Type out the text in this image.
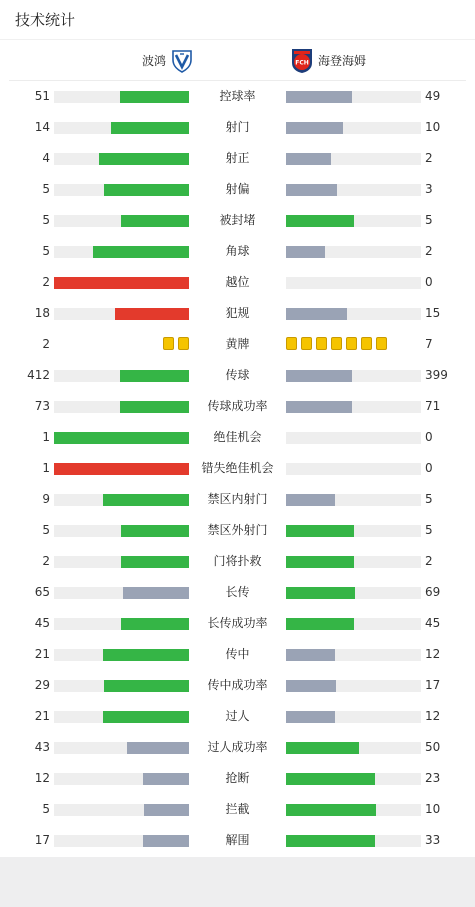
技术统计
波鸿	FCH 海登海姆
51	控球率	49
14	射门	10
4	射正	2
5	射偏	3
5	被封堵	5
5	角球	2
2	越位	0
18	犯规	15
2	黄牌	7
412	传球	399
73	传球成功率	71
1	绝佳机会	0
1	错失绝佳机会	0
9	禁区内射门	5
5	禁区外射门	5
2	门将扑救	2
65	长传	69
45	长传成功率	45
21	传中	12
29	传中成功率	17
21	过人	12
43	过人成功率	50
12	抢断	23
5	拦截	10
17	解围	33
